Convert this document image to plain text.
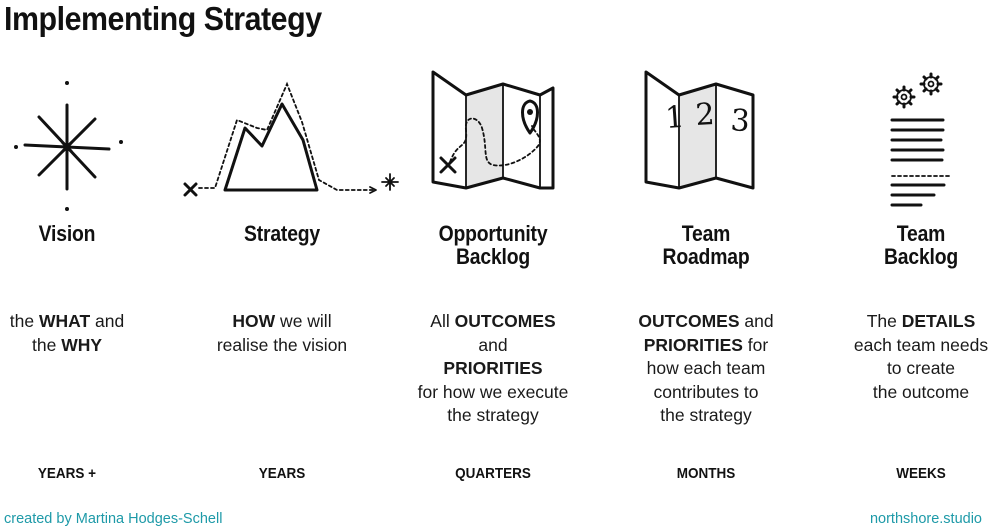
Implementing Strategy
Vision
the WHAT and
the WHY
YEARS +
Strategy
HOW we will
realise the vision
YEARS
Opportunity
Backlog
All OUTCOMES
and
PRIORITIES
for how we execute
the strategy
QUARTERS
1 2 3
Team
Roadmap
OUTCOMES and
PRIORITIES for
how each team
contributes to
the strategy
MONTHS
Team
Backlog
The DETAILS
each team needs
to create
the outcome
WEEKS
created by Martina Hodges-Schell	northshore.studio
